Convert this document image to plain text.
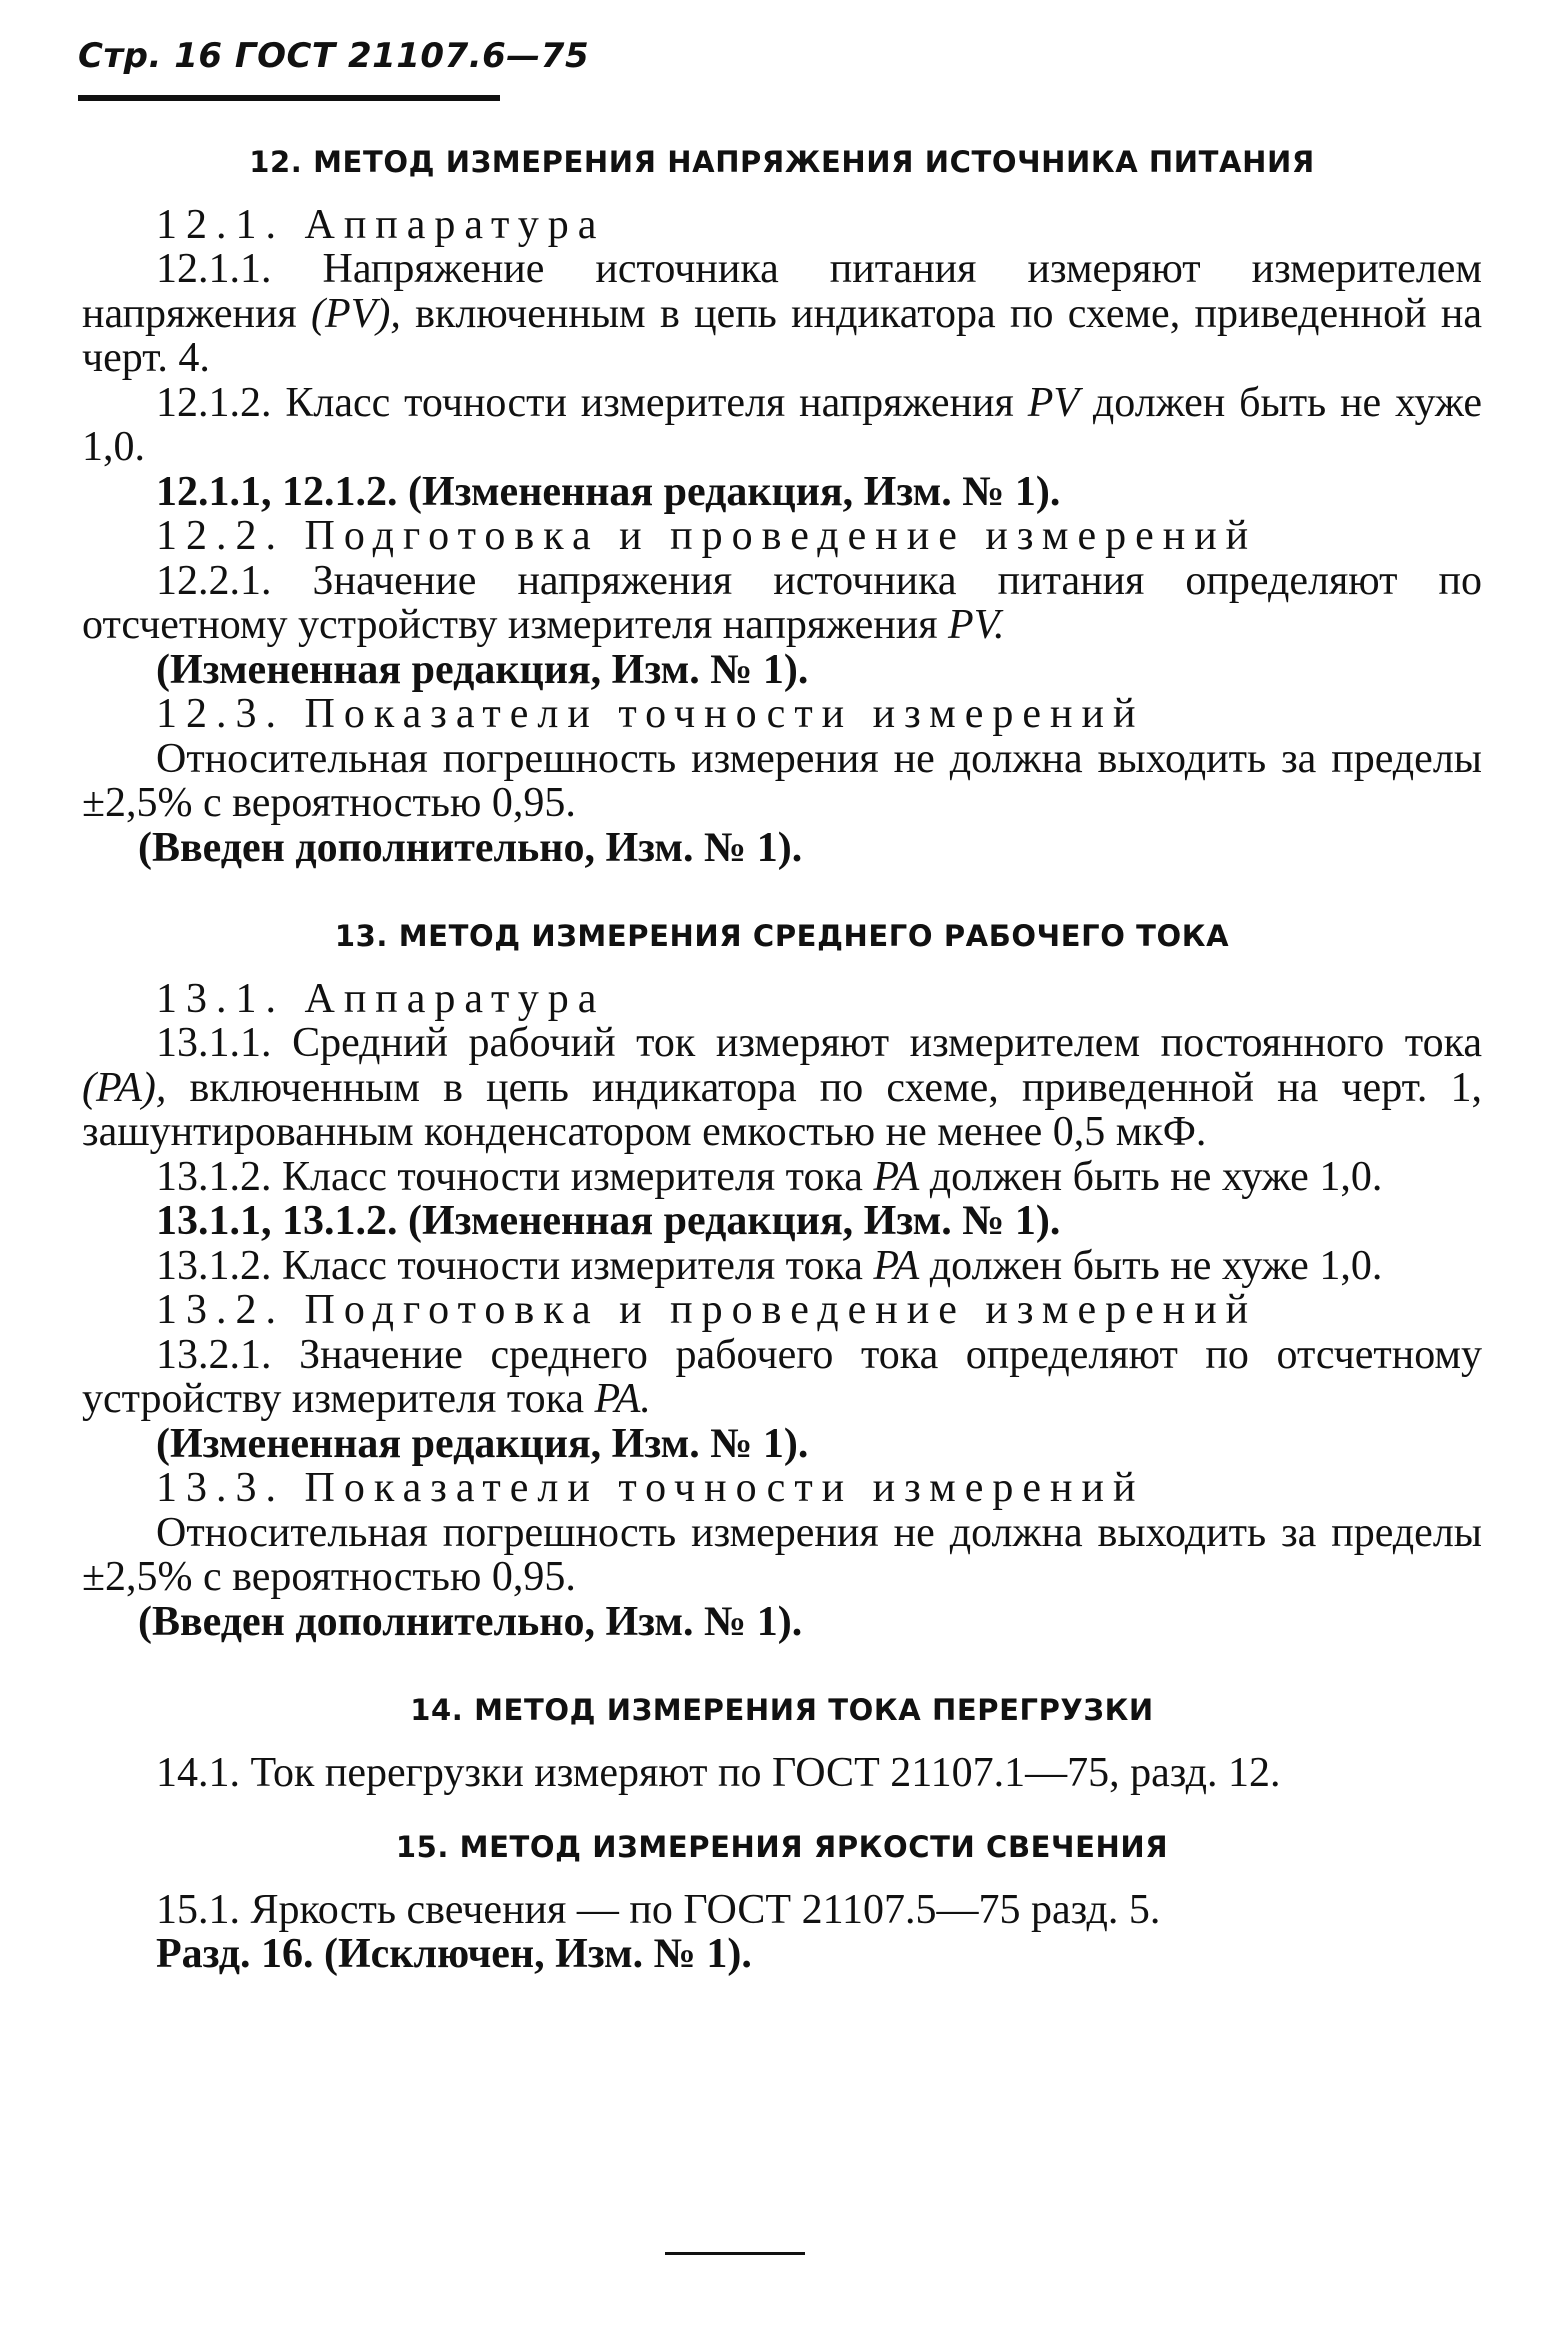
Стр. 16 ГОСТ 21107.6—75
12. МЕТОД ИЗМЕРЕНИЯ НАПРЯЖЕНИЯ ИСТОЧНИКА ПИТАНИЯ

12.1. Аппаратура

12.1.1. Напряжение источника питания измеряют измерителем напряжения (PV), включенным в цепь индикатора по схеме, приведенной на черт. 4.

12.1.2. Класс точности измерителя напряжения PV должен быть не хуже 1,0.

12.1.1, 12.1.2. (Измененная редакция, Изм. № 1).

12.2. Подготовка и проведение измерений

12.2.1. Значение напряжения источника питания определяют по отсчетному устройству измерителя напряжения PV.

(Измененная редакция, Изм. № 1).

12.3. Показатели точности измерений

Относительная погрешность измерения не должна выходить за пределы ±2,5% с вероятностью 0,95.

(Введен дополнительно, Изм. № 1).

13. МЕТОД ИЗМЕРЕНИЯ СРЕДНЕГО РАБОЧЕГО ТОКА

13.1. Аппаратура

13.1.1. Средний рабочий ток измеряют измерителем постоянного тока (PA), включенным в цепь индикатора по схеме, приведенной на черт. 1, зашунтированным конденсатором емкостью не менее 0,5 мкФ.

13.1.2. Класс точности измерителя тока PA должен быть не хуже 1,0.

13.1.1, 13.1.2. (Измененная редакция, Изм. № 1).

13.1.2. Класс точности измерителя тока PA должен быть не хуже 1,0.

13.2. Подготовка и проведение измерений

13.2.1. Значение среднего рабочего тока определяют по отсчетному устройству измерителя тока PA.

(Измененная редакция, Изм. № 1).

13.3. Показатели точности измерений

Относительная погрешность измерения не должна выходить за пределы ±2,5% с вероятностью 0,95.

(Введен дополнительно, Изм. № 1).

14. МЕТОД ИЗМЕРЕНИЯ ТОКА ПЕРЕГРУЗКИ

14.1. Ток перегрузки измеряют по ГОСТ 21107.1—75, разд. 12.

15. МЕТОД ИЗМЕРЕНИЯ ЯРКОСТИ СВЕЧЕНИЯ

15.1. Яркость свечения — по ГОСТ 21107.5—75 разд. 5.

Разд. 16. (Исключен, Изм. № 1).
